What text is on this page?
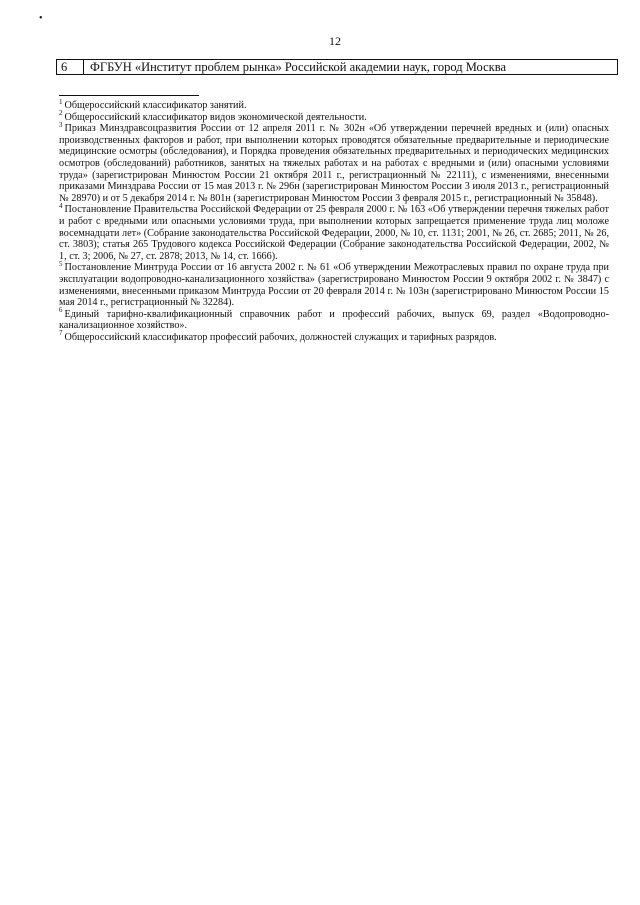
•
12
6	ФГБУН «Институт проблем рынка» Российской академии наук, город Москва

$^1$ Общероссийский классификатор занятий.

$^2$ Общероссийский классификатор видов экономической деятельности.

$^3$ Приказ Минздравсоцразвития России от 12 апреля 2011 г. № 302н «Об утверждении перечней вредных и (или) опасных производственных факторов и работ, при выполнении которых проводятся обязательные предварительные и периодические медицинские осмотры (обследования), и Порядка проведения обязательных предварительных и периодических медицинских осмотров (обследований) работников, занятых на тяжелых работах и на работах с вредными и (или) опасными условиями труда» (зарегистрирован Минюстом России 21 октября 2011 г., регистрационный № 22111), с изменениями, внесенными приказами Минздрава России от 15 мая 2013 г. № 296н (зарегистрирован Минюстом России 3 июля 2013 г., регистрационный № 28970) и от 5 декабря 2014 г. № 801н (зарегистрирован Минюстом России 3 февраля 2015 г., регистрационный № 35848).

$^4$ Постановление Правительства Российской Федерации от 25 февраля 2000 г. № 163 «Об утверждении перечня тяжелых работ и работ с вредными или опасными условиями труда, при выполнении которых запрещается применение труда лиц моложе восемнадцати лет» (Собрание законодательства Российской Федерации, 2000, № 10, ст. 1131; 2001, № 26, ст. 2685; 2011, № 26, ст. 3803); статья 265 Трудового кодекса Российской Федерации (Собрание законодательства Российской Федерации, 2002, № 1, ст. 3; 2006, № 27, ст. 2878; 2013, № 14, ст. 1666).

$^5$ Постановление Минтруда России от 16 августа 2002 г. № 61 «Об утверждении Межотраслевых правил по охране труда при эксплуатации водопроводно-канализационного хозяйства» (зарегистрировано Минюстом России 9 октября 2002 г. № 3847) с изменениями, внесенными приказом Минтруда России от 20 февраля 2014 г. № 103н (зарегистрировано Минюстом России 15 мая 2014 г., регистрационный № 32284).

$^6$ Единый тарифно-квалификационный справочник работ и профессий рабочих, выпуск 69, раздел «Водопроводно-канализационное хозяйство».

$^7$ Общероссийский классификатор профессий рабочих, должностей служащих и тарифных разрядов.
